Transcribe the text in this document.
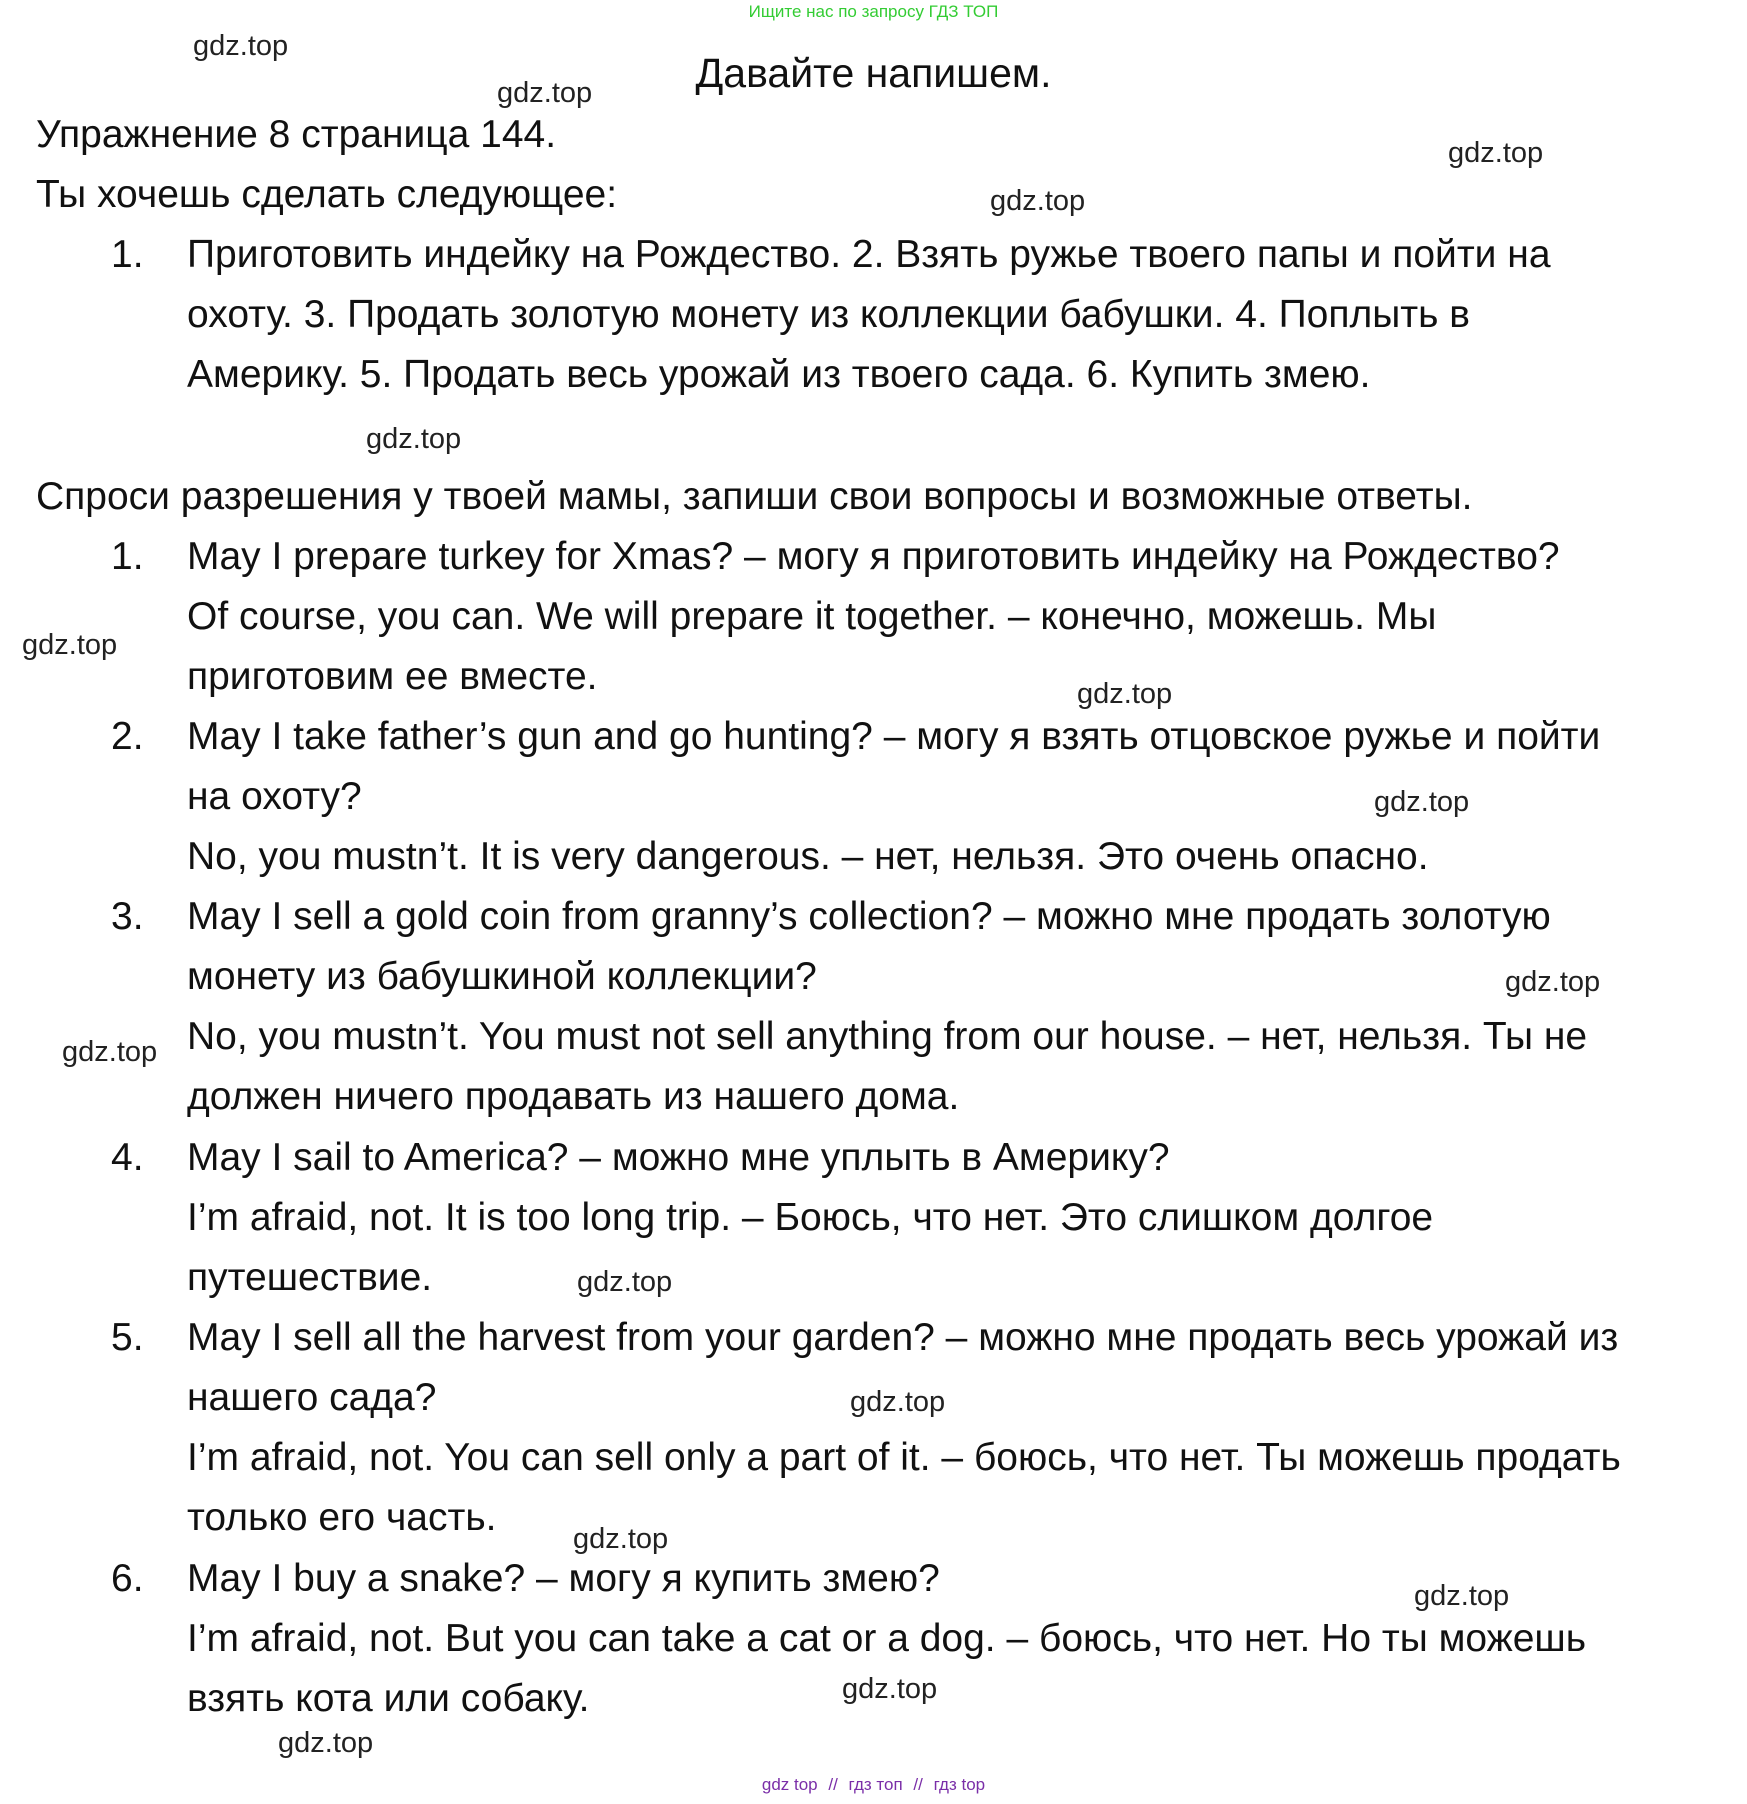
Ищите нас по запросу ГДЗ ТОП
Давайте напишем.
Упражнение 8 страница 144.
Ты хочешь сделать следующее:
1. Приготовить индейку на Рождество. 2. Взять ружье твоего папы и пойти на
охоту. 3. Продать золотую монету из коллекции бабушки. 4. Поплыть в
Америку. 5. Продать весь урожай из твоего сада. 6. Купить змею.
Спроси разрешения у твоей мамы, запиши свои вопросы и возможные ответы.
1. May I prepare turkey for Xmas? – могу я приготовить индейку на Рождество?
Of course, you can. We will prepare it together. – конечно, можешь. Мы
приготовим ее вместе.
2. May I take father’s gun and go hunting? – могу я взять отцовское ружье и пойти
на охоту?
No, you mustn’t. It is very dangerous. – нет, нельзя. Это очень опасно.
3. May I sell a gold coin from granny’s collection? – можно мне продать золотую
монету из бабушкиной коллекции?
No, you mustn’t. You must not sell anything from our house. – нет, нельзя. Ты не
должен ничего продавать из нашего дома.
4. May I sail to America? – можно мне уплыть в Америку?
I’m afraid, not. It is too long trip. – Боюсь, что нет. Это слишком долгое
путешествие.
5. May I sell all the harvest from your garden? – можно мне продать весь урожай из
нашего сада?
I’m afraid, not. You can sell only a part of it. – боюсь, что нет. Ты можешь продать
только его часть.
6. May I buy a snake? – могу я купить змею?
I’m afraid, not. But you can take a cat or a dog. – боюсь, что нет. Но ты можешь
взять кота или собаку.
gdz.top
gdz.top
gdz.top
gdz.top
gdz.top
gdz.top
gdz.top
gdz.top
gdz.top
gdz.top
gdz.top
gdz.top
gdz.top
gdz.top
gdz.top
gdz.top
gdz top // гдз топ // гдз top
